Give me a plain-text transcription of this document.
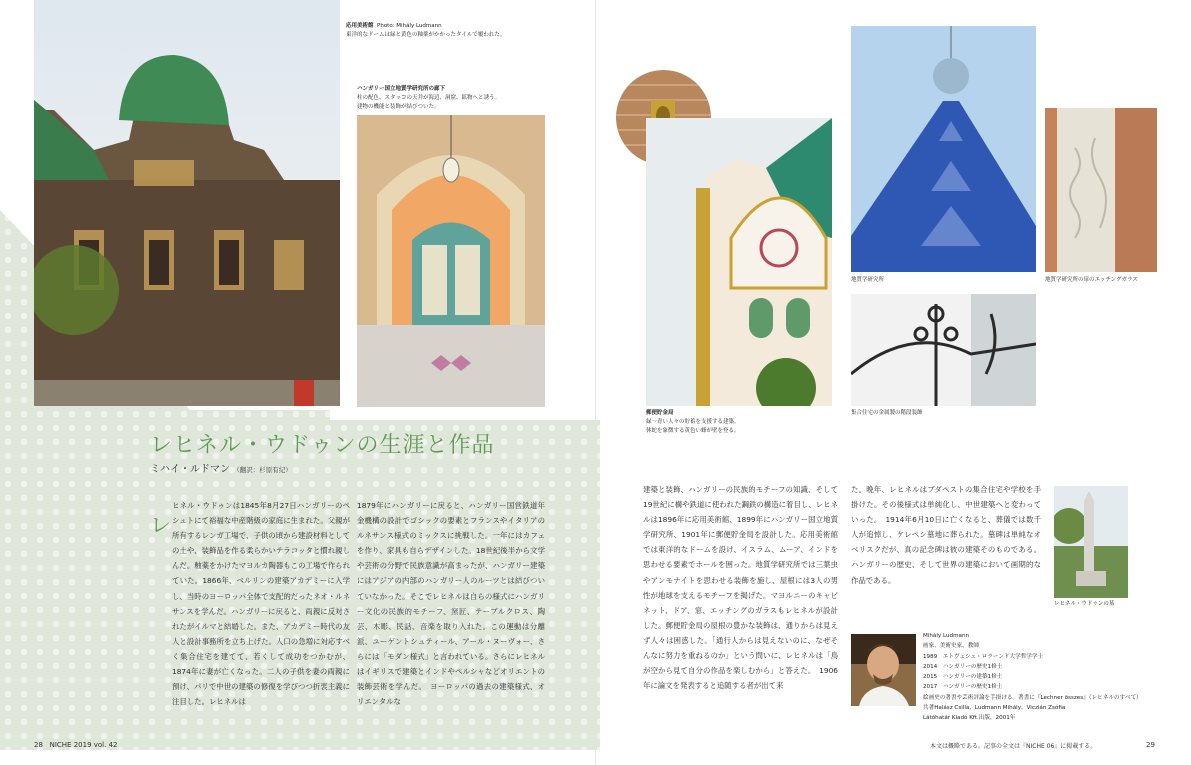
応用美術館 Photo: Mihály Ludmann
東洋的なドームは緑と黄色の釉薬がかかったタイルで覆われた。
ハンガリー国立地質学研究所の廊下
柱の配色、スタッコの天井が海辺、洞窟、鉱物へと誘う。
建物の機能と装飾が結びついた。
レヒネル・ウドゥンの生涯と作品
ミハイ・ルドマン （翻訳：杉原有紀）
レ
ヒネル・ウドゥンは1845年8月27日ハンガリーのペシュトにて裕福な中産階級の家庭に生まれた。父親が所有するレンガ工場で、子供の頃から建設材料としての土や、装飾品を作る柔らかいテラコッタと慣れ親しんだ。釉薬をかけたマヨルカ陶器もこの工場で作られていた。1866年、ベルリンの建築アカデミーに入学し、当時のヨーロッパ全体で支配的だったネオ・ルネサンスを学んだ。ハンガリーに戻ると、両親に反対されたがイルマと結婚した。また、アカデミー時代の友人と設計事務所を立ち上げた。人口の急増に対応すべく集合住宅を建てて、若くして成功をつかむが、1874年に妻が亡くなった。二人の子供を妻の両親に預け、パリで中世の建築の修復を学びつつ折衷主義に注目した。レヒネルは
1879年にハンガリーに戻ると、ハンガリー国営鉄道年金機構の設計でゴシックの要素とフランスやイタリアのルネサンス様式のミックスに挑戦した。一年にはカフェを作り、家具も自らデザインした。18世紀後半から文学や芸術の分野で民族意識が高まったが、ハンガリー建築にはアジアの内部のハンガリー人のルーツとは結びついていなかった。そこでレヒネルは自らの様式にハンガリー文化の民族的モチーフ、窯匠、テーブルクロス、陶芸、木彫、民話、音楽を取り入れた。この運動は分離派、ユーゲントシュティール、アール・ヌーヴォー、さらには「モダン様式」と言われている。さらにレヒネルはイギリスで建築とインドやペルシャなどオリエントの装飾芸術を学んだ。　ヨーロッパの過去の建築様式、オリエンタルな
建築と装飾、ハンガリーの民族的モチーフの知識、そして19世紀に構や鉄道に使われた鋼鉄の構造に着目し、レヒネルは1896年に応用美術館、1899年にハンガリー国立地質学研究所、1901年に郵便貯金局を設計した。応用美術館では東洋的なドームを設け、イスラム、ムーア、インドを思わせる要素でホールを囲った。地質学研究所では三葉虫やアンモナイトを思わせる装飾を施し、屋根には3人の男性が地球を支えるモチーフを掲げた。マヨルニーのキャビネット、ドア、窓、エッチングのガラスもレヒネルが設計した。郵便貯金局の屋根の豊かな装飾は、通りからは見えず人々は困惑した。「通行人からは見えないのに、なぜそんなに努力を重ねるのか」という問いに、レヒネルは「鳥が空から見て自分の作品を楽しむから」と答えた。　1906年に論文を発表すると追随する者が出て来
た。晩年、レヒネルはブダペストの集合住宅や学校を手掛けた。その後様式は単純化し、中世建築へと変わっていった。　1914年6月10日に亡くなると、葬儀では数千人が追悼し、ケレペシ墓地に葬られた。墓碑は単純なオベリスクだが、真の記念碑は彼の建築そのものである。ハンガリーの歴史、そして世界の建築において画期的な作品である。
地質学研究所	地質学研究所の扉のエッチングガラス
郵便貯金局
緑～青い人々の貯蓄を支援する建築。
休蛇を象徴する黄色い蜂が壁を登る。
集合住宅の金属製の階段装飾
レヒネル・ウドゥンの墓
Mihály Ludmann
画家、美術史家、教師
1989　エトヴェシュ・ロラーンド大学哲学学士
2014　ハンガリーの歴史1修士
2015　ハンガリーの建築1修士
2017　ハンガリーの歴史1修士
絵画史の著書や芸術評論を手掛ける。著書に『Lechner összes』（レヒネルのすべて）
共著Halász Csilla、Ludmann Mihály、Viczián Zsófia
Látóhatár Kiadó Kft.出版、2001年
28 NICHE 2019 vol. 42	本文は概略である。記事の全文は『NICHE 06』に掲載する。	29
